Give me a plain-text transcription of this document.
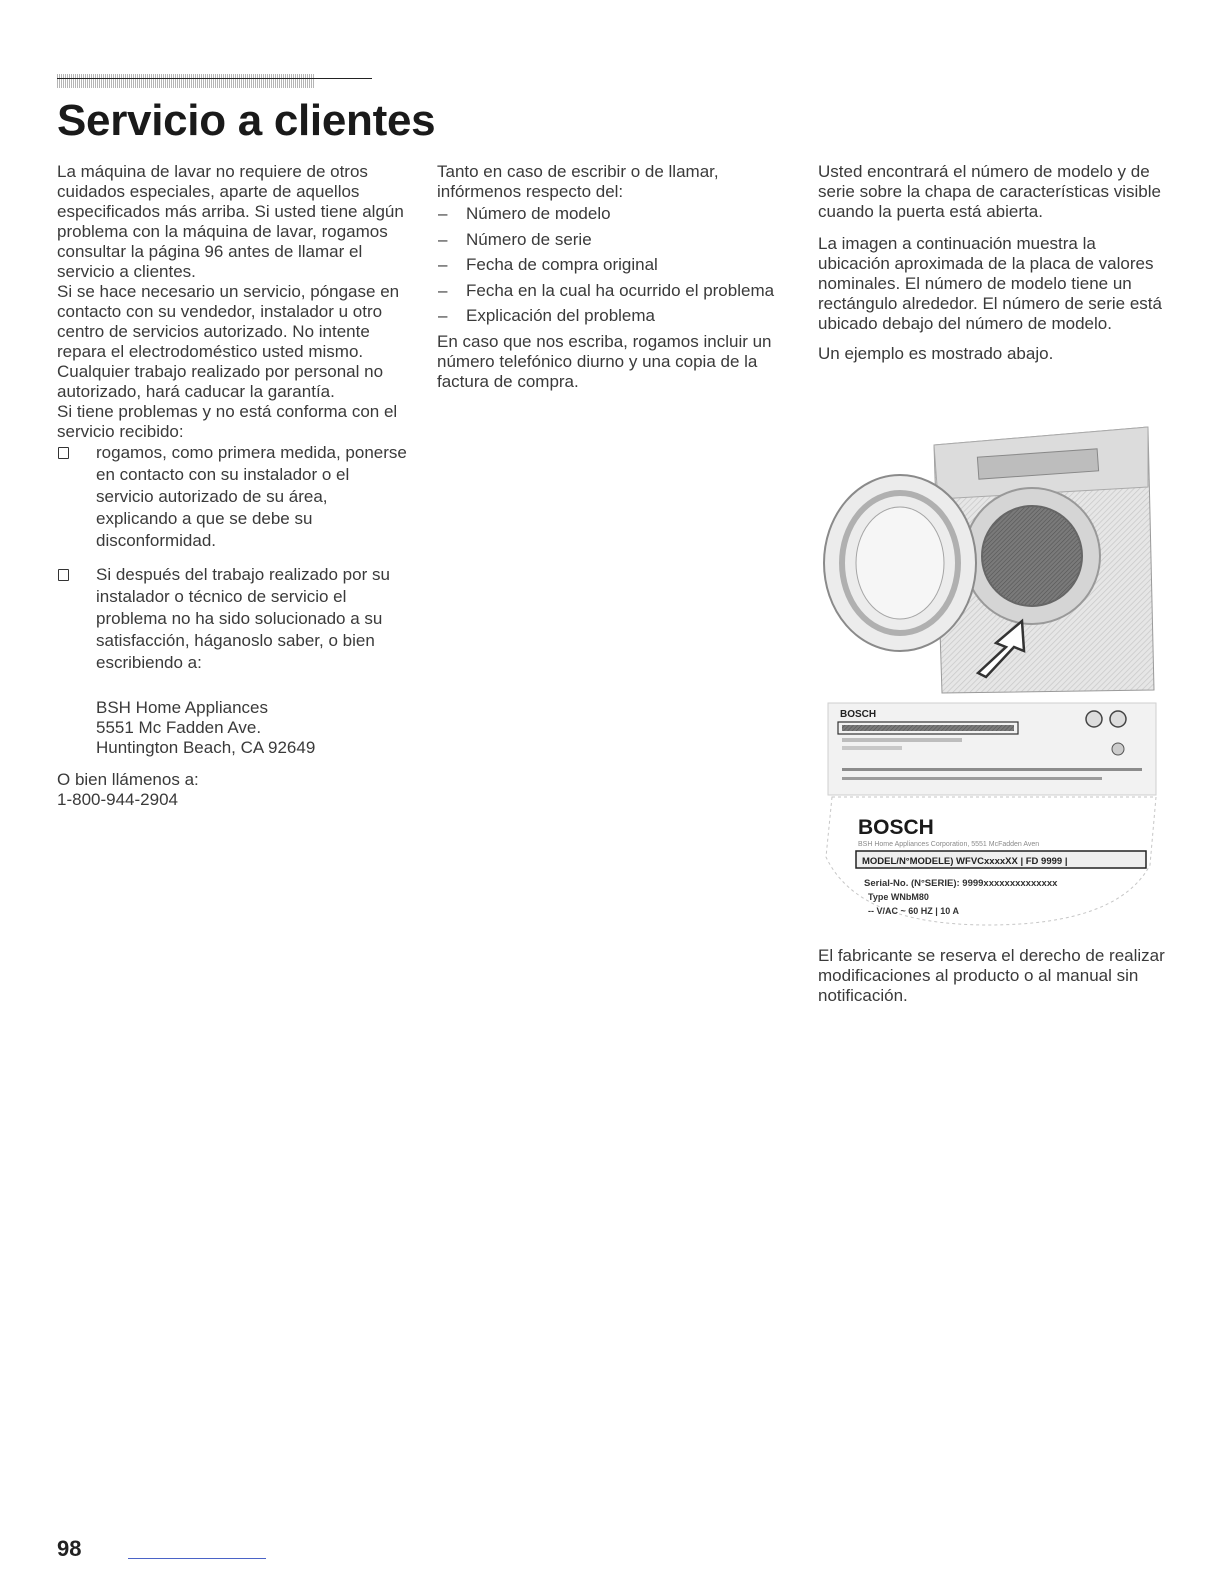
Servicio a clientes

La máquina de lavar no requiere de otros cuidados especiales, aparte de aquellos especificados más arriba. Si usted tiene algún problema con la máquina de lavar, rogamos consultar la página 96 antes de llamar el servicio a clientes.

Si se hace necesario un servicio, póngase en contacto con su vendedor, instalador u otro centro de servicios autorizado. No intente repara el electrodoméstico usted mismo. Cualquier trabajo realizado por personal no autorizado, hará caducar la garantía.

Si tiene problemas y no está conforma con el servicio recibido:

rogamos, como primera medida, ponerse en contacto con su instalador o el servicio autorizado de su área, explicando a que se debe su disconformidad.
Si después del trabajo realizado por su instalador o técnico de servicio el problema no ha sido solucionado a su satisfacción, háganoslo saber, o bien escribiendo a:
BSH Home Appliances
5551 Mc Fadden Ave.
Huntington Beach, CA 92649

O bien llámenos a:

1-800-944-2904

Tanto en caso de escribir o de llamar, infórmenos respecto del:

– Número de modelo
– Número de serie
– Fecha de compra original
– Fecha en la cual ha ocurrido el problema
– Explicación del problema

En caso que nos escriba, rogamos incluir un número telefónico diurno y una copia de la factura de compra.

Usted encontrará el número de modelo y de serie sobre la chapa de características visible cuando la puerta está abierta.

La imagen a continuación muestra la ubicación aproximada de la placa de valores nominales. El número de modelo tiene un rectángulo alrededor. El número de serie está ubicado debajo del número de modelo.

Un ejemplo es mostrado abajo.

BOSCH
BOSCH
BSH Home Appliances Corporation, 5551 McFadden Aven
MODEL/N°MODELE) WFVCxxxxXX | FD 9999 |
Serial-No. (N°SERIE): 9999xxxxxxxxxxxxxx
Type WNbM80
-- V/AC ~ 60 HZ | 10 A

El fabricante se reserva el derecho de realizar modificaciones al producto o al manual sin notificación.

98
